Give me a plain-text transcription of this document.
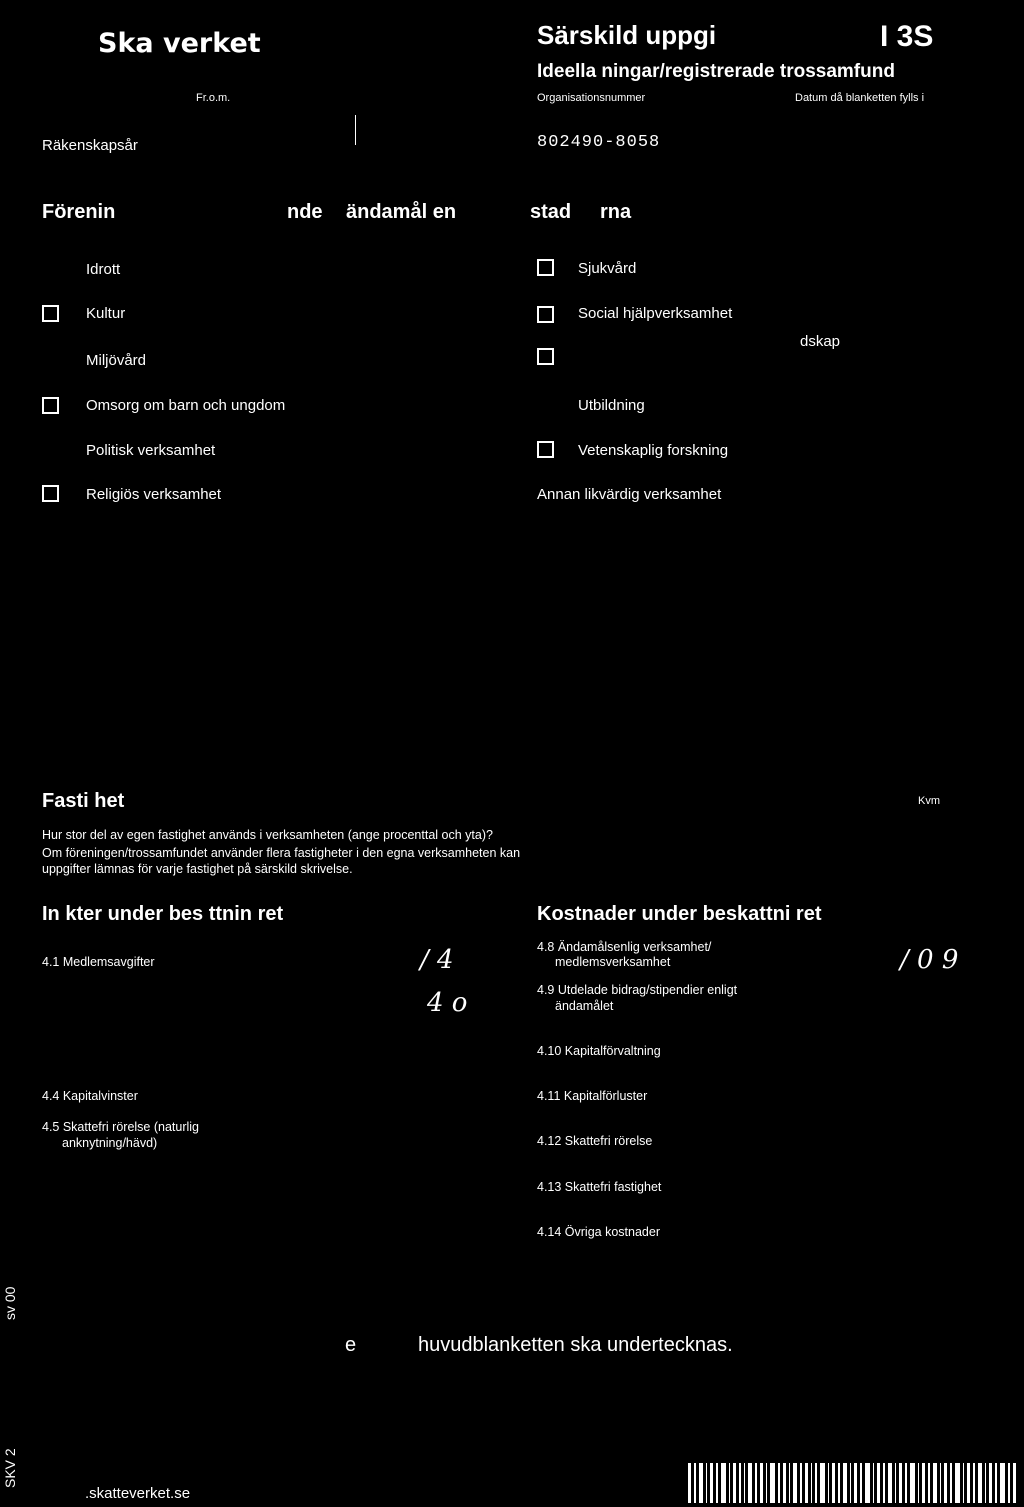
Ska verket
Fr.o.m.
Räkenskapsår
Särskild uppgi	I 3S
Ideella ningar/registrerade trossamfund
Organisationsnummer	Datum då blanketten fylls i
802490-8058
Förenin	nde ändamål en	stad rna
Idrott
Kultur
Miljövård
Omsorg om barn och ungdom
Politisk verksamhet
Religiös verksamhet
Sjukvård
Social hjälpverksamhet
dskap
Utbildning
Vetenskaplig forskning
Annan likvärdig verksamhet
Fasti het	Kvm
Hur stor del av egen fastighet används i verksamheten (ange procenttal och yta)?
Om föreningen/trossamfundet använder flera fastigheter i den egna verksamheten kan
uppgifter lämnas för varje fastighet på särskild skrivelse.
In kter under bes ttnin ret
4.1 Medlemsavgifter	/ 4
4 o
4.4 Kapitalvinster
4.5 Skattefri rörelse (naturlig
anknytning/hävd)
Kostnader under beskattni ret
4.8 Ändamålsenlig verksamhet/
medlemsverksamhet	/ 0 9
4.9 Utdelade bidrag/stipendier enligt
ändamålet
4.10 Kapitalförvaltning
4.11 Kapitalförluster
4.12 Skattefri rörelse
4.13 Skattefri fastighet
4.14 Övriga kostnader
e	huvudblanketten ska undertecknas.
.skatteverket.se
sv 00
SKV 2
